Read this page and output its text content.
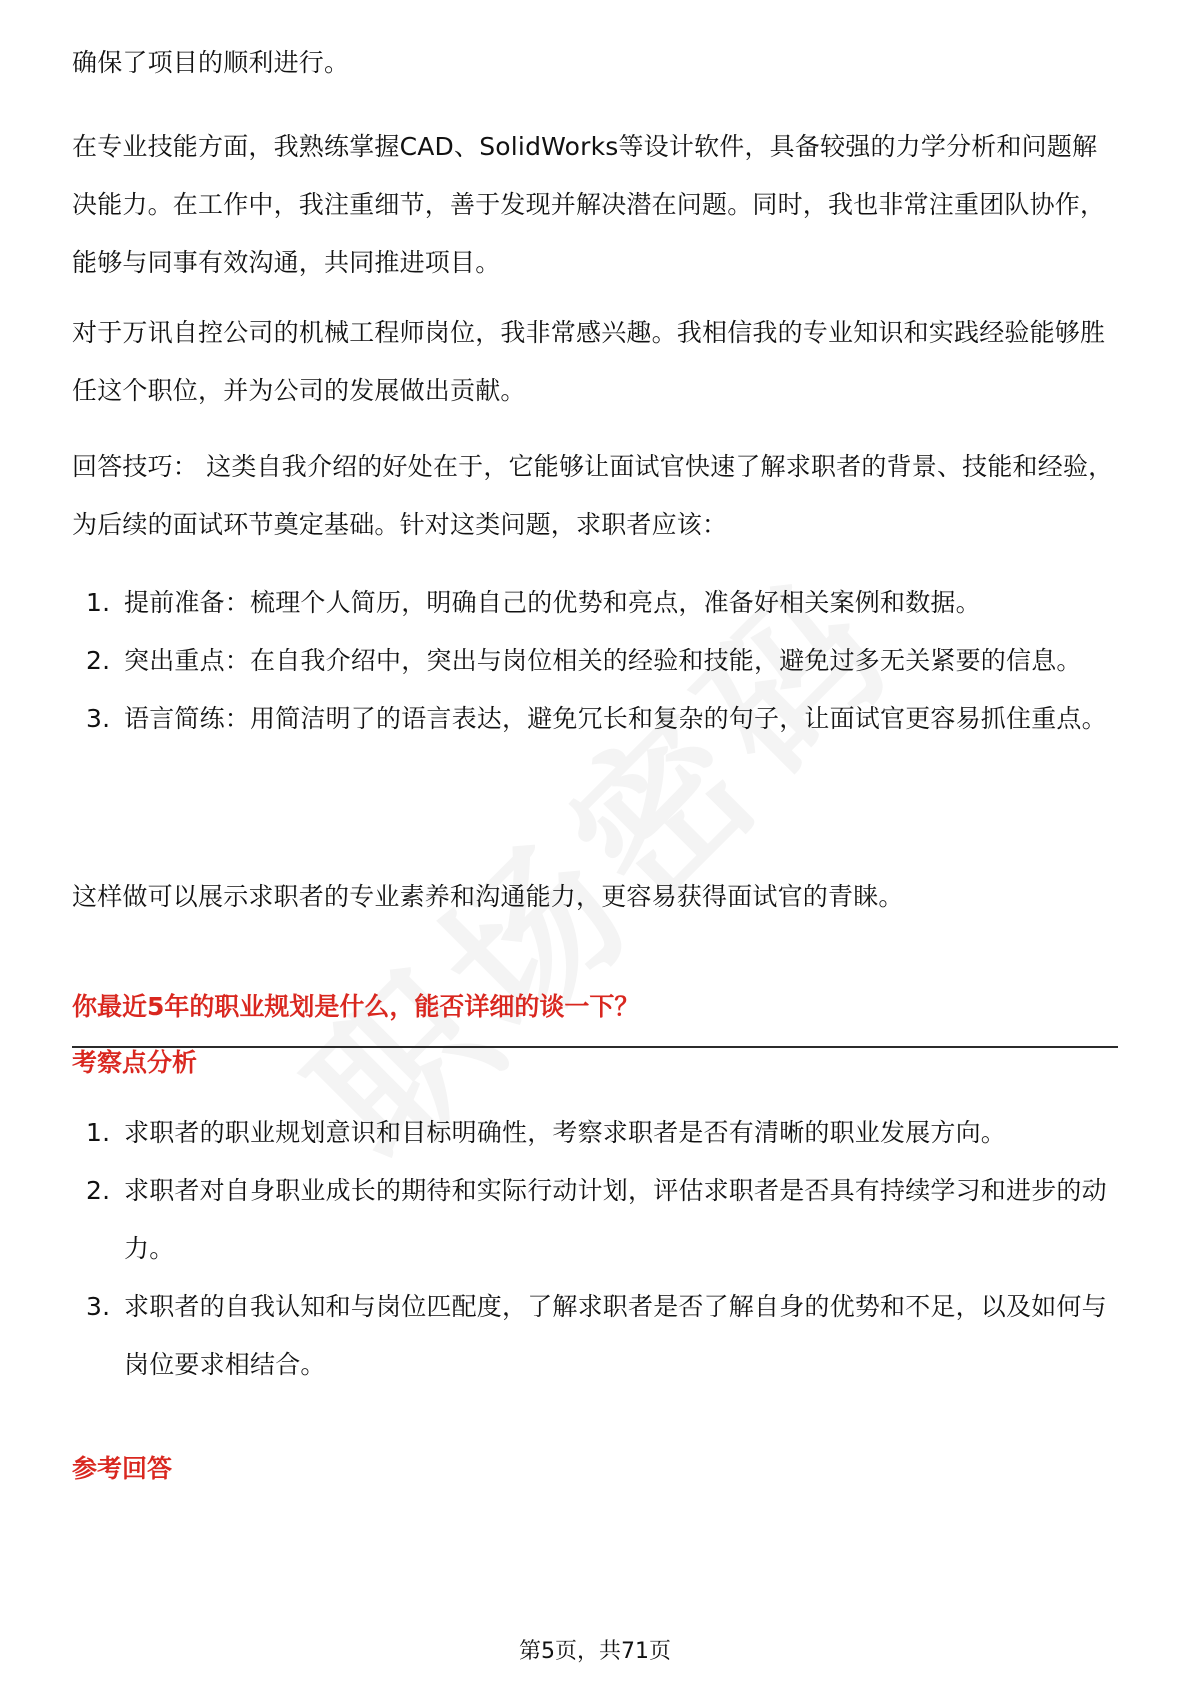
确保了项目的顺利进行。

在专业技能方面，我熟练掌握CAD、SolidWorks等设计软件，具备较强的力学分析和问题解决能力。在工作中，我注重细节，善于发现并解决潜在问题。同时，我也非常注重团队协作，能够与同事有效沟通，共同推进项目。

对于万讯自控公司的机械工程师岗位，我非常感兴趣。我相信我的专业知识和实践经验能够胜任这个职位，并为公司的发展做出贡献。

回答技巧： 这类自我介绍的好处在于，它能够让面试官快速了解求职者的背景、技能和经验，为后续的面试环节奠定基础。针对这类问题，求职者应该：

1. 提前准备：梳理个人简历，明确自己的优势和亮点，准备好相关案例和数据。
2. 突出重点：在自我介绍中，突出与岗位相关的经验和技能，避免过多无关紧要的信息。
3. 语言简练：用简洁明了的语言表达，避免冗长和复杂的句子，让面试官更容易抓住重点。

这样做可以展示求职者的专业素养和沟通能力，更容易获得面试官的青睐。

你最近5年的职业规划是什么，能否详细的谈一下？

考察点分析

1. 求职者的职业规划意识和目标明确性，考察求职者是否有清晰的职业发展方向。
2. 求职者对自身职业成长的期待和实际行动计划，评估求职者是否具有持续学习和进步的动力。
3. 求职者的自我认知和与岗位匹配度，了解求职者是否了解自身的优势和不足，以及如何与岗位要求相结合。

参考回答

第5页，共71页
